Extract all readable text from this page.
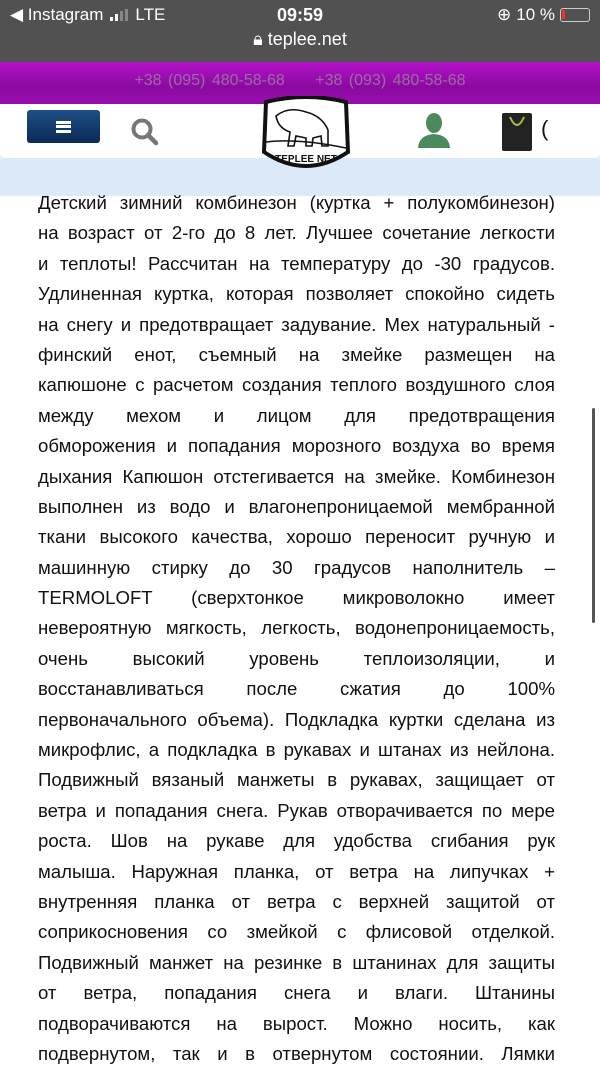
◀ Instagram LTE	09:59
🔒︎ teplee.net
⊕ 10 %
+38 (095) 480-58-68 +38 (093) 480-58-68
(
TEPLEE NET
Детский зимний комбинезон (куртка + полукомбинезон)
на возраст от 2-го до 8 лет. Лучшее сочетание легкости
и теплоты! Рассчитан на температуру до -30 градусов.
Удлиненная куртка, которая позволяет спокойно сидеть
на снегу и предотвращает задувание. Мех натуральный -
финский енот, съемный на змейке размещен на
капюшоне с расчетом создания теплого воздушного слоя
между мехом и лицом для предотвращения
обморожения и попадания морозного воздуха во время
дыхания Капюшон отстегивается на змейке. Комбинезон
выполнен из водо и влагонепроницаемой мембранной
ткани высокого качества, хорошо переносит ручную и
машинную стирку до 30 градусов наполнитель –
TERMOLOFT (сверхтонкое микроволокно имеет
невероятную мягкость, легкость, водонепроницаемость,
очень высокий уровень теплоизоляции, и
восстанавливаться после сжатия до 100%
первоначального объема). Подкладка куртки сделана из
микрофлис, а подкладка в рукавах и штанах из нейлона.
Подвижный вязаный манжеты в рукавах, защищает от
ветра и попадания снега. Рукав отворачивается по мере
роста. Шов на рукаве для удобства сгибания рук
малыша. Наружная планка, от ветра на липучках +
внутренняя планка от ветра с верхней защитой от
соприкосновения со змейкой с флисовой отделкой.
Подвижный манжет на резинке в штанинах для защиты
от ветра, попадания снега и влаги. Штанины
подворачиваются на вырост. Можно носить, как
подвернутом, так и в отвернутом состоянии. Лямки
